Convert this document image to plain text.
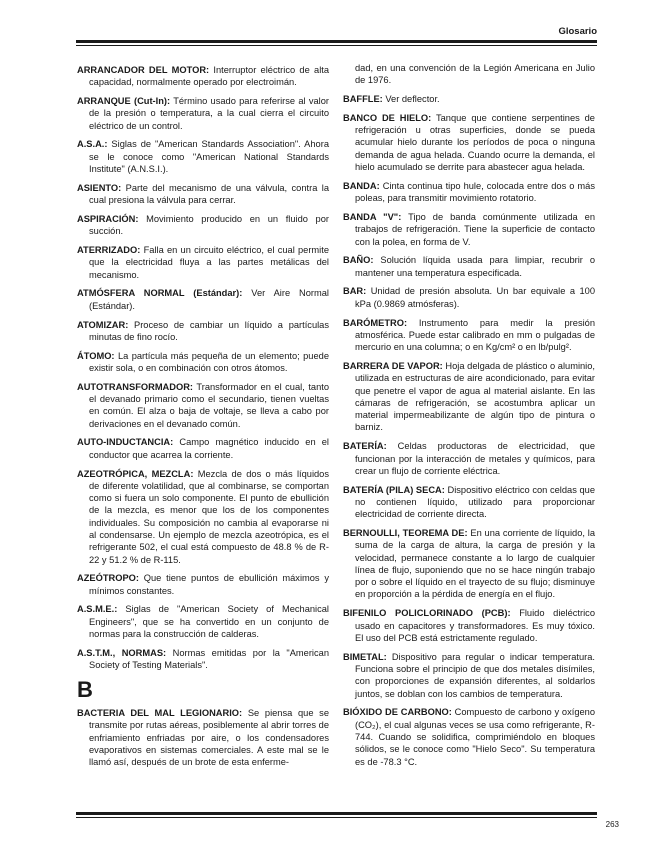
Glosario

ARRANCADOR DEL MOTOR: Interruptor eléctrico de alta capacidad, normalmente operado por electroimán.

ARRANQUE (Cut-In): Término usado para referirse al valor de la presión o temperatura, a la cual cierra el circuito eléctrico de un control.

A.S.A.: Siglas de "American Standards Association". Ahora se le conoce como "American National Standards Institute" (A.N.S.I.).

ASIENTO: Parte del mecanismo de una válvula, contra la cual presiona la válvula para cerrar.

ASPIRACIÓN: Movimiento producido en un fluido por succión.

ATERRIZADO: Falla en un circuito eléctrico, el cual permite que la electricidad fluya a las partes metálicas del mecanismo.

ATMÓSFERA NORMAL (Estándar): Ver Aire Normal (Estándar).

ATOMIZAR: Proceso de cambiar un líquido a partículas minutas de fino rocío.

ÁTOMO: La partícula más pequeña de un elemento; puede existir sola, o en combinación con otros átomos.

AUTOTRANSFORMADOR: Transformador en el cual, tanto el devanado primario como el secundario, tienen vueltas en común. El alza o baja de voltaje, se lleva a cabo por derivaciones en el devanado común.

AUTO-INDUCTANCIA: Campo magnético inducido en el conductor que acarrea la corriente.

AZEOTRÓPICA, MEZCLA: Mezcla de dos o más líquidos de diferente volatilidad, que al combinarse, se comportan como si fuera un solo componente. El punto de ebullición de la mezcla, es menor que los de los componentes individuales. Su composición no cambia al evaporarse ni al condensarse. Un ejemplo de mezcla azeotrópica, es el refrigerante 502, el cual está compuesto de 48.8 % de R-22 y 51.2 % de R-115.

AZEÓTROPO: Que tiene puntos de ebullición máximos y mínimos constantes.

A.S.M.E.: Siglas de "American Society of Mechanical Engineers", que se ha convertido en un conjunto de normas para la construcción de calderas.

A.S.T.M., NORMAS: Normas emitidas por la "American Society of Testing Materials".

B

BACTERIA DEL MAL LEGIONARIO: Se piensa que se transmite por rutas aéreas, posiblemente al abrir torres de enfriamiento enfriadas por aire, o los condensadores evaporativos en sistemas comerciales. A este mal se le llamó así, después de un brote de esta enferme-

dad, en una convención de la Legión Americana en Julio de 1976.

BAFFLE: Ver deflector.

BANCO DE HIELO: Tanque que contiene serpentines de refrigeración u otras superficies, donde se pueda acumular hielo durante los períodos de poca o ninguna demanda de agua helada. Cuando ocurre la demanda, el hielo acumulado se derrite para abastecer agua helada.

BANDA: Cinta continua tipo hule, colocada entre dos o más poleas, para transmitir movimiento rotatorio.

BANDA "V": Tipo de banda comúnmente utilizada en trabajos de refrigeración. Tiene la superficie de contacto con la polea, en forma de V.

BAÑO: Solución líquida usada para limpiar, recubrir o mantener una temperatura especificada.

BAR: Unidad de presión absoluta. Un bar equivale a 100 kPa (0.9869 atmósferas).

BARÓMETRO: Instrumento para medir la presión atmosférica. Puede estar calibrado en mm o pulgadas de mercurio en una columna; o en Kg/cm² o en lb/pulg².

BARRERA DE VAPOR: Hoja delgada de plástico o aluminio, utilizada en estructuras de aire acondicionado, para evitar que penetre el vapor de agua al material aislante. En las cámaras de refrigeración, se acostumbra aplicar un material impermeabilizante de algún tipo de pintura o barniz.

BATERÍA: Celdas productoras de electricidad, que funcionan por la interacción de metales y químicos, para crear un flujo de corriente eléctrica.

BATERÍA (PILA) SECA: Dispositivo eléctrico con celdas que no contienen líquido, utilizado para proporcionar electricidad de corriente directa.

BERNOULLI, TEOREMA DE: En una corriente de líquido, la suma de la carga de altura, la carga de presión y la velocidad, permanece constante a lo largo de cualquier línea de flujo, suponiendo que no se hace ningún trabajo por o sobre el líquido en el trayecto de su flujo; disminuye en proporción a la pérdida de energía en el flujo.

BIFENILO POLICLORINADO (PCB): Fluido dieléctrico usado en capacitores y transformadores. Es muy tóxico. El uso del PCB está estrictamente regulado.

BIMETAL: Dispositivo para regular o indicar temperatura. Funciona sobre el principio de que dos metales disímiles, con proporciones de expansión diferentes, al soldarlos juntos, se doblan con los cambios de temperatura.

BIÓXIDO DE CARBONO: Compuesto de carbono y oxígeno (CO₂), el cual algunas veces se usa como refrigerante, R-744. Cuando se solidifica, comprimiéndolo en bloques sólidos, se le conoce como "Hielo Seco". Su temperatura es de -78.3 °C.

263
